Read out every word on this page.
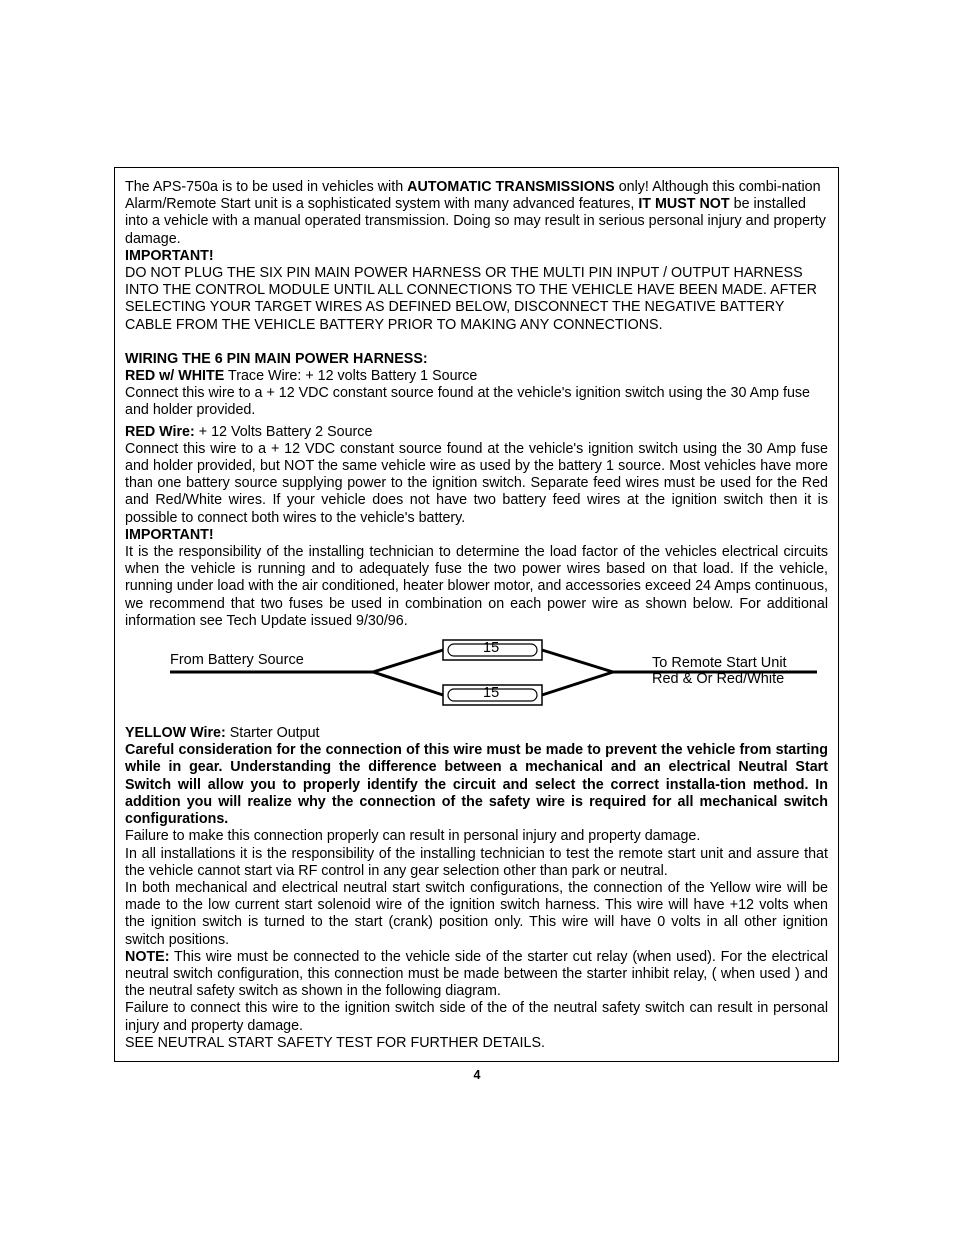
The APS-750a is to be used in vehicles with AUTOMATIC TRANSMISSIONS only! Although this combi-nation Alarm/Remote Start unit is a sophisticated system with many advanced features, IT MUST NOT be installed into a vehicle with a manual operated transmission. Doing so may result in serious personal injury and property damage.

IMPORTANT!

DO NOT PLUG THE SIX PIN MAIN POWER HARNESS OR THE MULTI PIN INPUT / OUTPUT HARNESS INTO THE CONTROL MODULE UNTIL ALL CONNECTIONS TO THE VEHICLE HAVE BEEN MADE. AFTER SELECTING YOUR TARGET WIRES AS DEFINED BELOW, DISCONNECT THE NEGATIVE BATTERY CABLE FROM THE VEHICLE BATTERY PRIOR TO MAKING ANY CONNECTIONS.

WIRING THE 6 PIN MAIN POWER HARNESS:

RED w/ WHITE Trace Wire: + 12 volts Battery 1 Source

Connect this wire to a + 12 VDC constant source found at the vehicle's ignition switch using the 30 Amp fuse and holder provided.

RED Wire: + 12 Volts Battery 2 Source

Connect this wire to a + 12 VDC constant source found at the vehicle's ignition switch using the 30 Amp fuse and holder provided, but NOT the same vehicle wire as used by the battery 1 source. Most vehicles have more than one battery source supplying power to the ignition switch. Separate feed wires must be used for the Red and Red/White wires. If your vehicle does not have two battery feed wires at the ignition switch then it is possible to connect both wires to the vehicle's battery.

IMPORTANT!

It is the responsibility of the installing technician to determine the load factor of the vehicles electrical circuits when the vehicle is running and to adequately fuse the two power wires based on that load. If the vehicle, running under load with the air conditioned, heater blower motor, and accessories exceed 24 Amps continuous, we recommend that two fuses be used in combination on each power wire as shown below. For additional information see Tech Update issued 9/30/96.

15
15
From Battery Source	To Remote Start Unit
Red & Or Red/White

YELLOW Wire: Starter Output

Careful consideration for the connection of this wire must be made to prevent the vehicle from starting while in gear. Understanding the difference between a mechanical and an electrical Neutral Start Switch will allow you to properly identify the circuit and select the correct installa-tion method. In addition you will realize why the connection of the safety wire is required for all mechanical switch configurations.

Failure to make this connection properly can result in personal injury and property damage.

In all installations it is the responsibility of the installing technician to test the remote start unit and assure that the vehicle cannot start via RF control in any gear selection other than park or neutral.

In both mechanical and electrical neutral start switch configurations, the connection of the Yellow wire will be made to the low current start solenoid wire of the ignition switch harness. This wire will have +12 volts when the ignition switch is turned to the start (crank) position only. This wire will have 0 volts in all other ignition switch positions.

NOTE: This wire must be connected to the vehicle side of the starter cut relay (when used). For the electrical neutral switch configuration, this connection must be made between the starter inhibit relay, ( when used ) and the neutral safety switch as shown in the following diagram.

Failure to connect this wire to the ignition switch side of the of the neutral safety switch can result in personal injury and property damage.

SEE NEUTRAL START SAFETY TEST FOR FURTHER DETAILS.

4
